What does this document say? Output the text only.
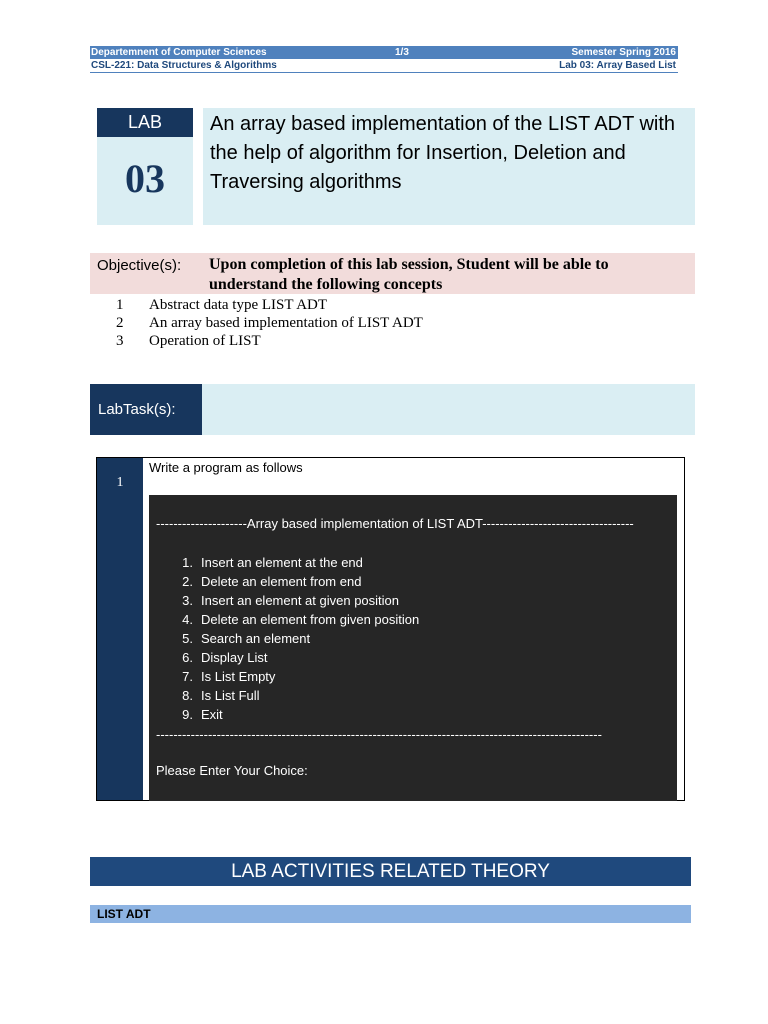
Departemnent of Computer Sciences	1/3	Semester Spring 2016
CSL-221: Data Structures & Algorithms	Lab 03: Array Based List
LAB
03
An array based implementation of the LIST ADT with the help of algorithm for Insertion, Deletion and Traversing algorithms
Objective(s): Upon completion of this lab session, Student will be able to understand the following concepts
1 Abstract data type LIST ADT
2 An array based implementation of LIST ADT
3 Operation of LIST
LabTask(s):
1
Write a program as follows
---------------------Array based implementation of LIST ADT-----------------------------------
1. Insert an element at the end
2. Delete an element from end
3. Insert an element at given position
4. Delete an element from given position
5. Search an element
6. Display List
7. Is List Empty
8. Is List Full
9. Exit
-------------------------------------------------------------------------------------------------------
Please Enter Your Choice:
LAB ACTIVITIES RELATED THEORY
LIST ADT
